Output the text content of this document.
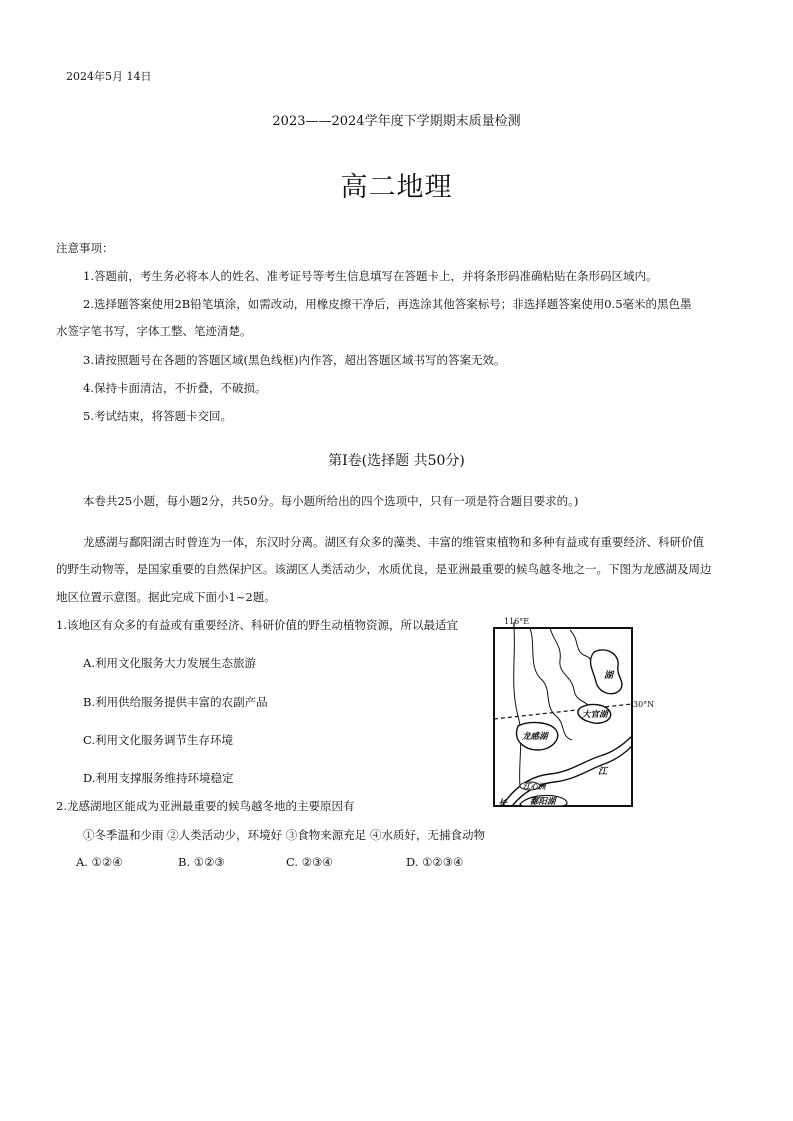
2024年5月 14日
2023——2024学年度下学期期末质量检测
高二地理
注意事项：
1.答题前，考生务必将本人的姓名、准考证号等考生信息填写在答题卡上，并将条形码准确粘贴在条形码区域内。
2.选择题答案使用2B铅笔填涂，如需改动，用橡皮擦干净后，再选涂其他答案标号；非选择题答案使用0.5毫米的黑色墨
水签字笔书写，字体工整、笔迹清楚。
3.请按照题号在各题的答题区域(黑色线框)内作答，超出答题区域书写的答案无效。
4.保持卡面清洁，不折叠，不破损。
5.考试结束，将答题卡交回。
第Ⅰ卷(选择题 共50分)
本卷共25小题，每小题2分，共50分。每小题所给出的四个选项中，只有一项是符合题目要求的。)
龙感湖与鄱阳湖古时曾连为一体，东汉时分离。湖区有众多的藻类、丰富的维管束植物和多种有益或有重要经济、科研价值
的野生动物等，是国家重要的自然保护区。该湖区人类活动少，水质优良，是亚洲最重要的候鸟越冬地之一。下图为龙感湖及周边
地区位置示意图。据此完成下面小1~2题。
1.该地区有众多的有益或有重要经济、科研价值的野生动植物资源，所以最适宜
A.利用文化服务大力发展生态旅游
B.利用供给服务提供丰富的农副产品
C.利用文化服务调节生存环境
D.利用支撑服务维持环境稳定
2.龙感湖地区能成为亚洲最重要的候鸟越冬地的主要原因有
①冬季温和少雨 ②人类活动少，环境好 ③食物来源充足 ④水质好，无捕食动物
A. ①②④	B. ①②③	C. ②③④	D. ①②③④
116°E
30°N
湖
大官湖
龙感湖
江心洲
江
长	鄱阳湖
